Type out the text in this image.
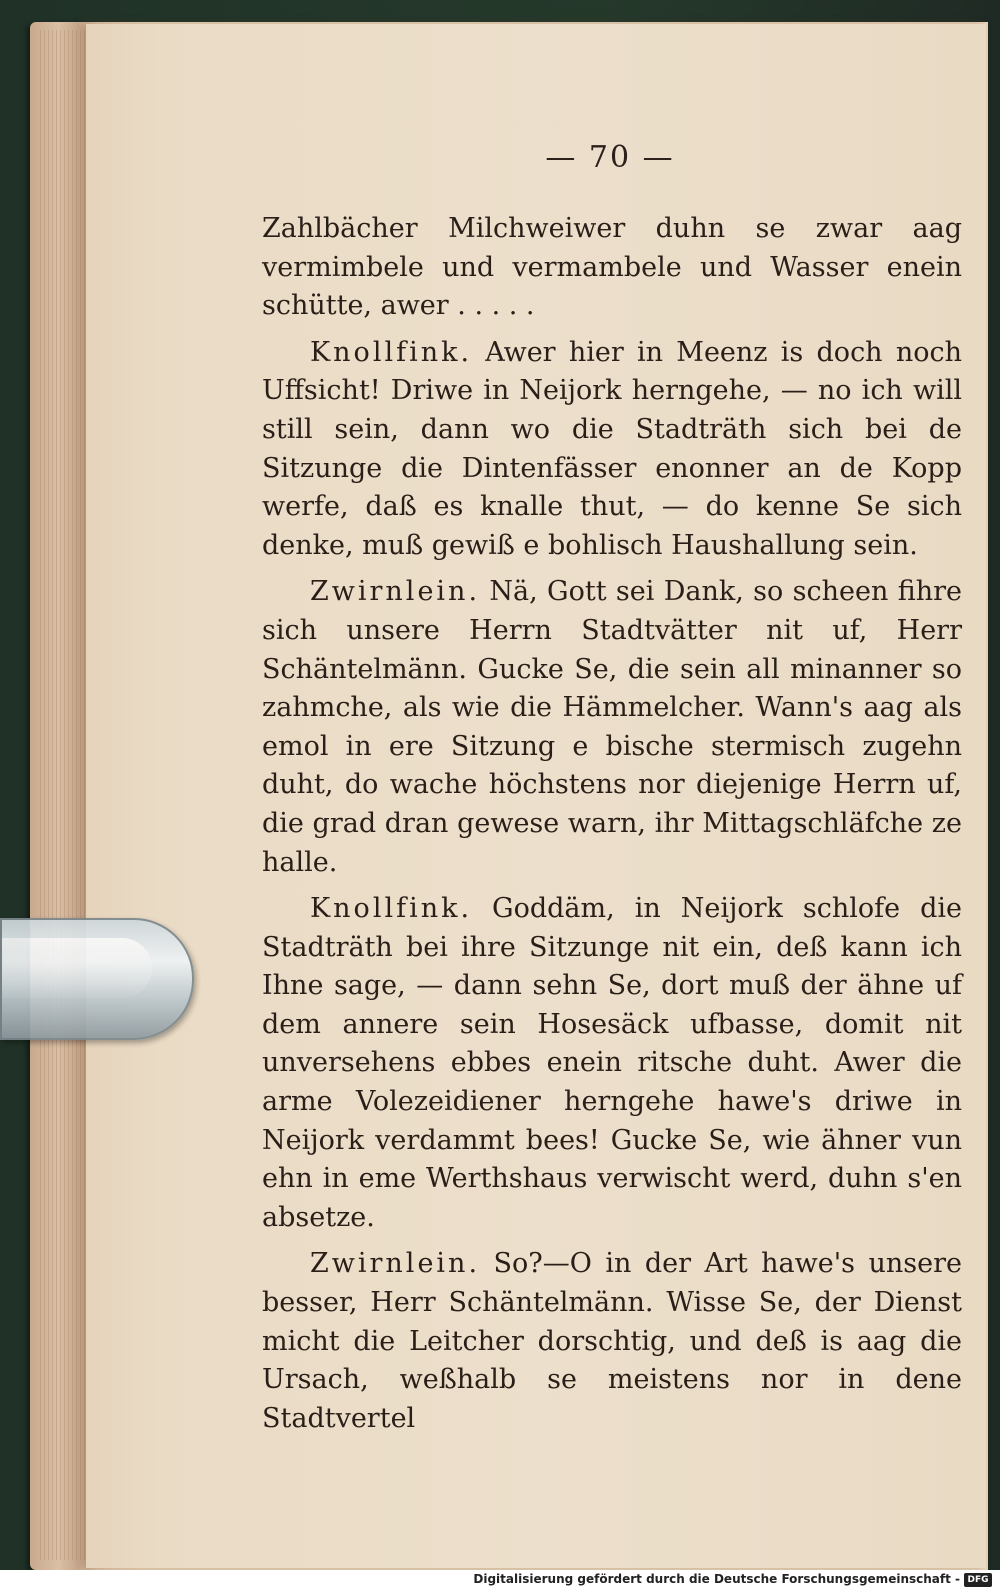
— 70 —

Zahlbächer Milchweiwer duhn se zwar aag vermimbele und vermambele und Wasser enein schütte, awer . . . . .

Knollfink. Awer hier in Meenz is doch noch Uffsicht! Driwe in Neijork herngehe, — no ich will still sein, dann wo die Stadträth sich bei de Sitzunge die Dintenfässer enonner an de Kopp werfe, daß es knalle thut, — do kenne Se sich denke, muß gewiß e bohlisch Haushallung sein.

Zwirnlein. Nä, Gott sei Dank, so scheen fihre sich unsere Herrn Stadtvätter nit uf, Herr Schäntelmänn. Gucke Se, die sein all minanner so zahmche, als wie die Hämmelcher. Wann's aag als emol in ere Sitzung e bische stermisch zugehn duht, do wache höchstens nor diejenige Herrn uf, die grad dran gewese warn, ihr Mittagschläfche ze halle.

Knollfink. Goddäm, in Neijork schlofe die Stadträth bei ihre Sitzunge nit ein, deß kann ich Ihne sage, — dann sehn Se, dort muß der ähne uf dem annere sein Hosesäck ufbasse, domit nit unversehens ebbes enein ritsche duht. Awer die arme Volezeidiener herngehe hawe's driwe in Neijork verdammt bees! Gucke Se, wie ähner vun ehn in eme Werthshaus verwischt werd, duhn s'en absetze.

Zwirnlein. So?—O in der Art hawe's unsere besser, Herr Schäntelmänn. Wisse Se, der Dienst micht die Leitcher dorschtig, und deß is aag die Ursach, weßhalb se meistens nor in dene Stadtvertel

Digitalisierung gefördert durch die Deutsche Forschungsgemeinschaft - DFG
